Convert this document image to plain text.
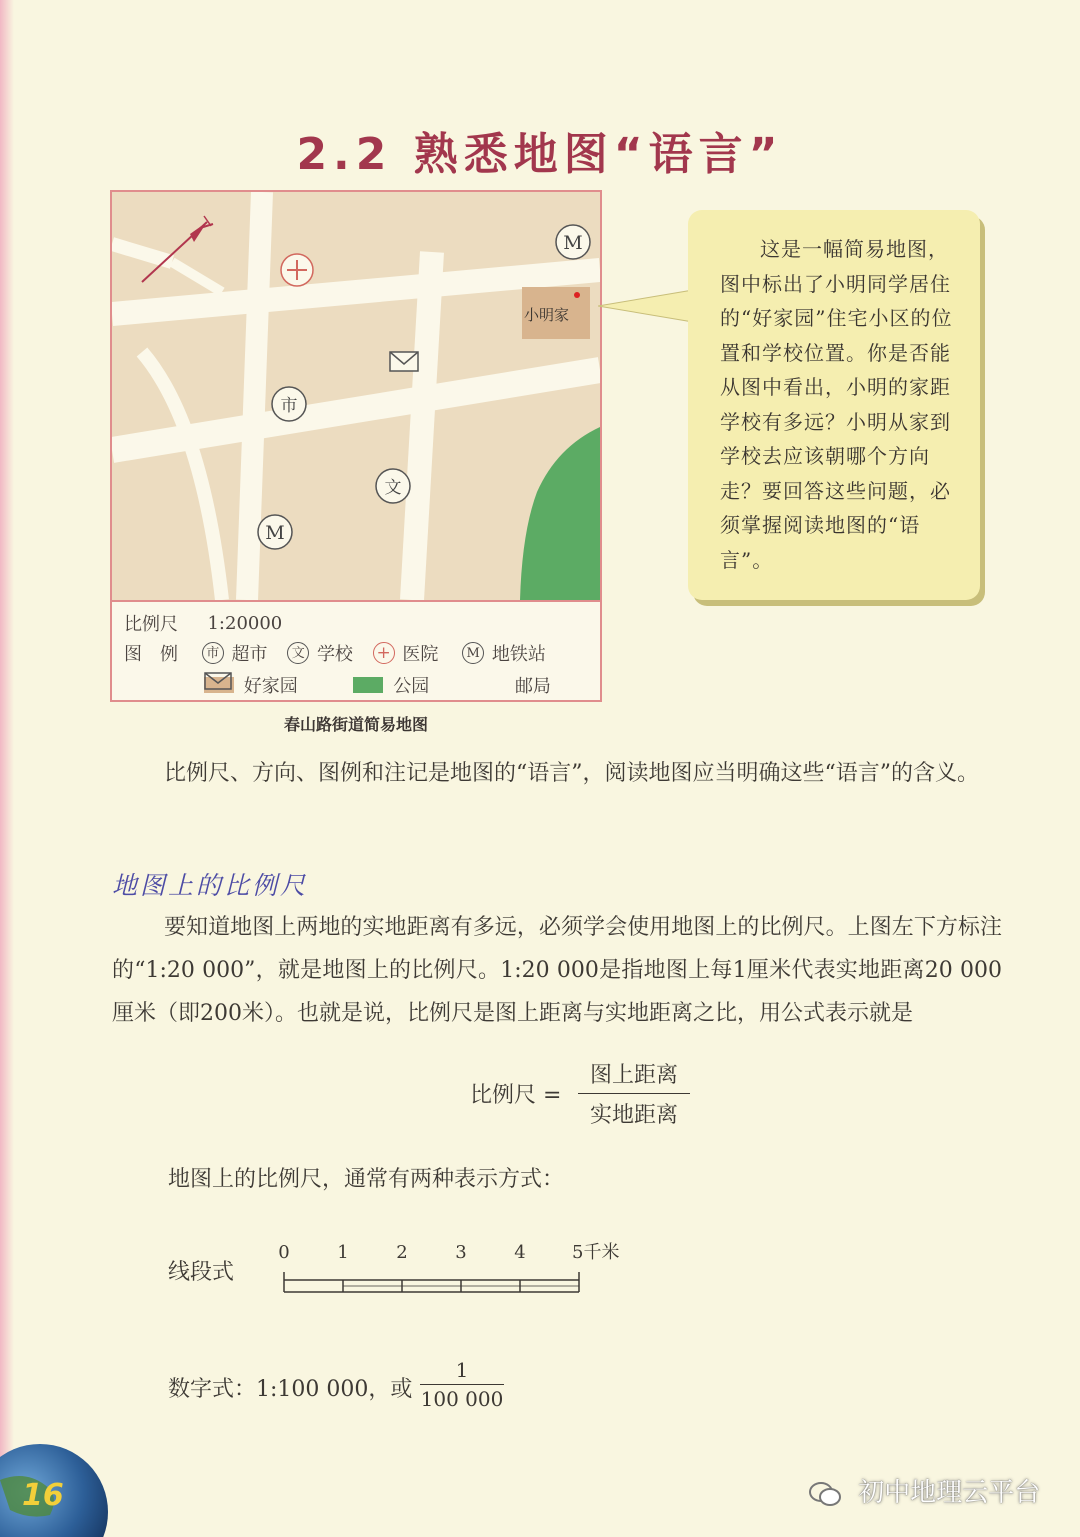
2.2 熟悉地图“语言”
M
市
文
M
小明家
比例尺 1:20000
图　例 市 超市 文 学校 + 医院 M 地铁站
好家园	公园	邮局
春山路街道简易地图

这是一幅简易地图，图中标出了小明同学居住的“好家园”住宅小区的位置和学校位置。你是否能从图中看出，小明的家距学校有多远？小明从家到学校去应该朝哪个方向走？要回答这些问题，必须掌握阅读地图的“语言”。

比例尺、方向、图例和注记是地图的“语言”，阅读地图应当明确这些“语言”的含义。
地图上的比例尺
要知道地图上两地的实地距离有多远，必须学会使用地图上的比例尺。上图左下方标注 的“1:20 000”，就是地图上的比例尺。1:20 000是指地图上每1厘米代表实地距离20 000厘米（即200米）。也就是说，比例尺是图上距离与实地距离之比，用公式表示就是
比例尺 =
图上距离
实地距离
地图上的比例尺，通常有两种表示方式：
线段式
0	1	2	3	4	5千米
数字式：1:100 000，或 $\frac{1}{100 000}$
16	初中地理云平台
